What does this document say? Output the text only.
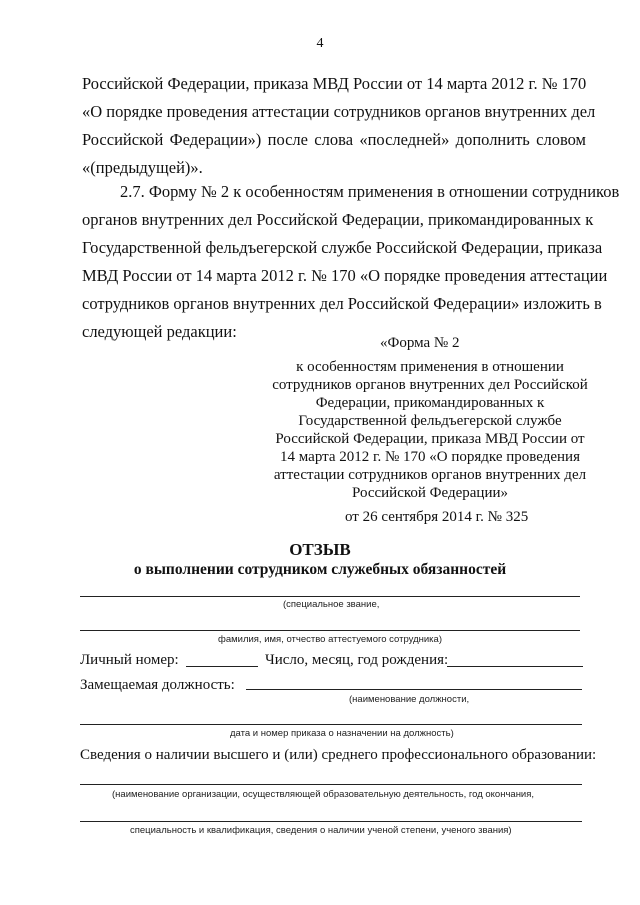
4
Российской Федерации, приказа МВД России от 14 марта 2012 г. № 170
«О порядке проведения аттестации сотрудников органов внутренних дел
Российской Федерации») после слова «последней» дополнить словом
«(предыдущей)».
2.7. Форму № 2 к особенностям применения в отношении сотрудников
органов внутренних дел Российской Федерации, прикомандированных к
Государственной фельдъегерской службе Российской Федерации, приказа
МВД России от 14 марта 2012 г. № 170 «О порядке проведения аттестации
сотрудников органов внутренних дел Российской Федерации» изложить в
следующей редакции:
«Форма № 2
к особенностям применения в отношении
сотрудников органов внутренних дел Российской
Федерации, прикомандированных к
Государственной фельдъегерской службе
Российской Федерации, приказа МВД России от
14 марта 2012 г. № 170 «О порядке проведения
аттестации сотрудников органов внутренних дел
Российской Федерации»
от 26 сентября 2014 г. № 325
ОТЗЫВ
о выполнении сотрудником служебных обязанностей
(специальное звание,
фамилия, имя, отчество аттестуемого сотрудника)
Личный номер:	Число, месяц, год рождения:
Замещаемая должность:
(наименование должности,
дата и номер приказа о назначении на должность)
Сведения о наличии высшего и (или) среднего профессионального образовании:
(наименование организации, осуществляющей образовательную деятельность, год окончания,
специальность и квалификация, сведения о наличии ученой степени, ученого звания)
